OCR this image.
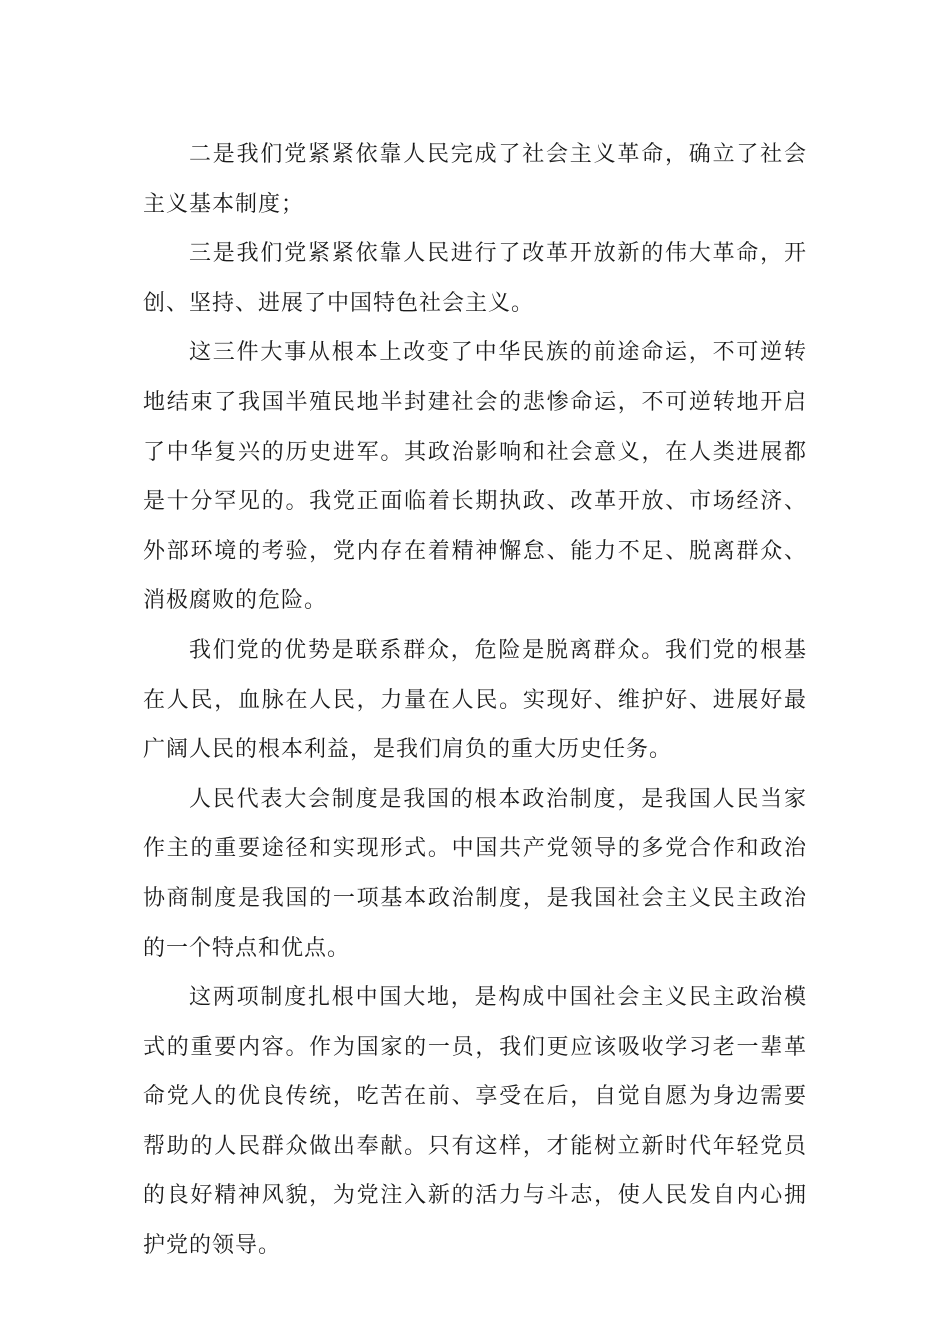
二是我们党紧紧依靠人民完成了社会主义革命，确立了社会主义基本制度；

三是我们党紧紧依靠人民进行了改革开放新的伟大革命，开创、坚持、进展了中国特色社会主义。

这三件大事从根本上改变了中华民族的前途命运，不可逆转地结束了我国半殖民地半封建社会的悲惨命运，不可逆转地开启了中华复兴的历史进军。其政治影响和社会意义，在人类进展都是十分罕见的。我党正面临着长期执政、改革开放、市场经济、外部环境的考验，党内存在着精神懈怠、能力不足、脱离群众、消极腐败的危险。

我们党的优势是联系群众，危险是脱离群众。我们党的根基在人民，血脉在人民，力量在人民。实现好、维护好、进展好最广阔人民的根本利益，是我们肩负的重大历史任务。

人民代表大会制度是我国的根本政治制度，是我国人民当家作主的重要途径和实现形式。中国共产党领导的多党合作和政治协商制度是我国的一项基本政治制度，是我国社会主义民主政治的一个特点和优点。

这两项制度扎根中国大地，是构成中国社会主义民主政治模式的重要内容。作为国家的一员，我们更应该吸收学习老一辈革命党人的优良传统，吃苦在前、享受在后，自觉自愿为身边需要帮助的人民群众做出奉献。只有这样，才能树立新时代年轻党员的良好精神风貌，为党注入新的活力与斗志，使人民发自内心拥护党的领导。
